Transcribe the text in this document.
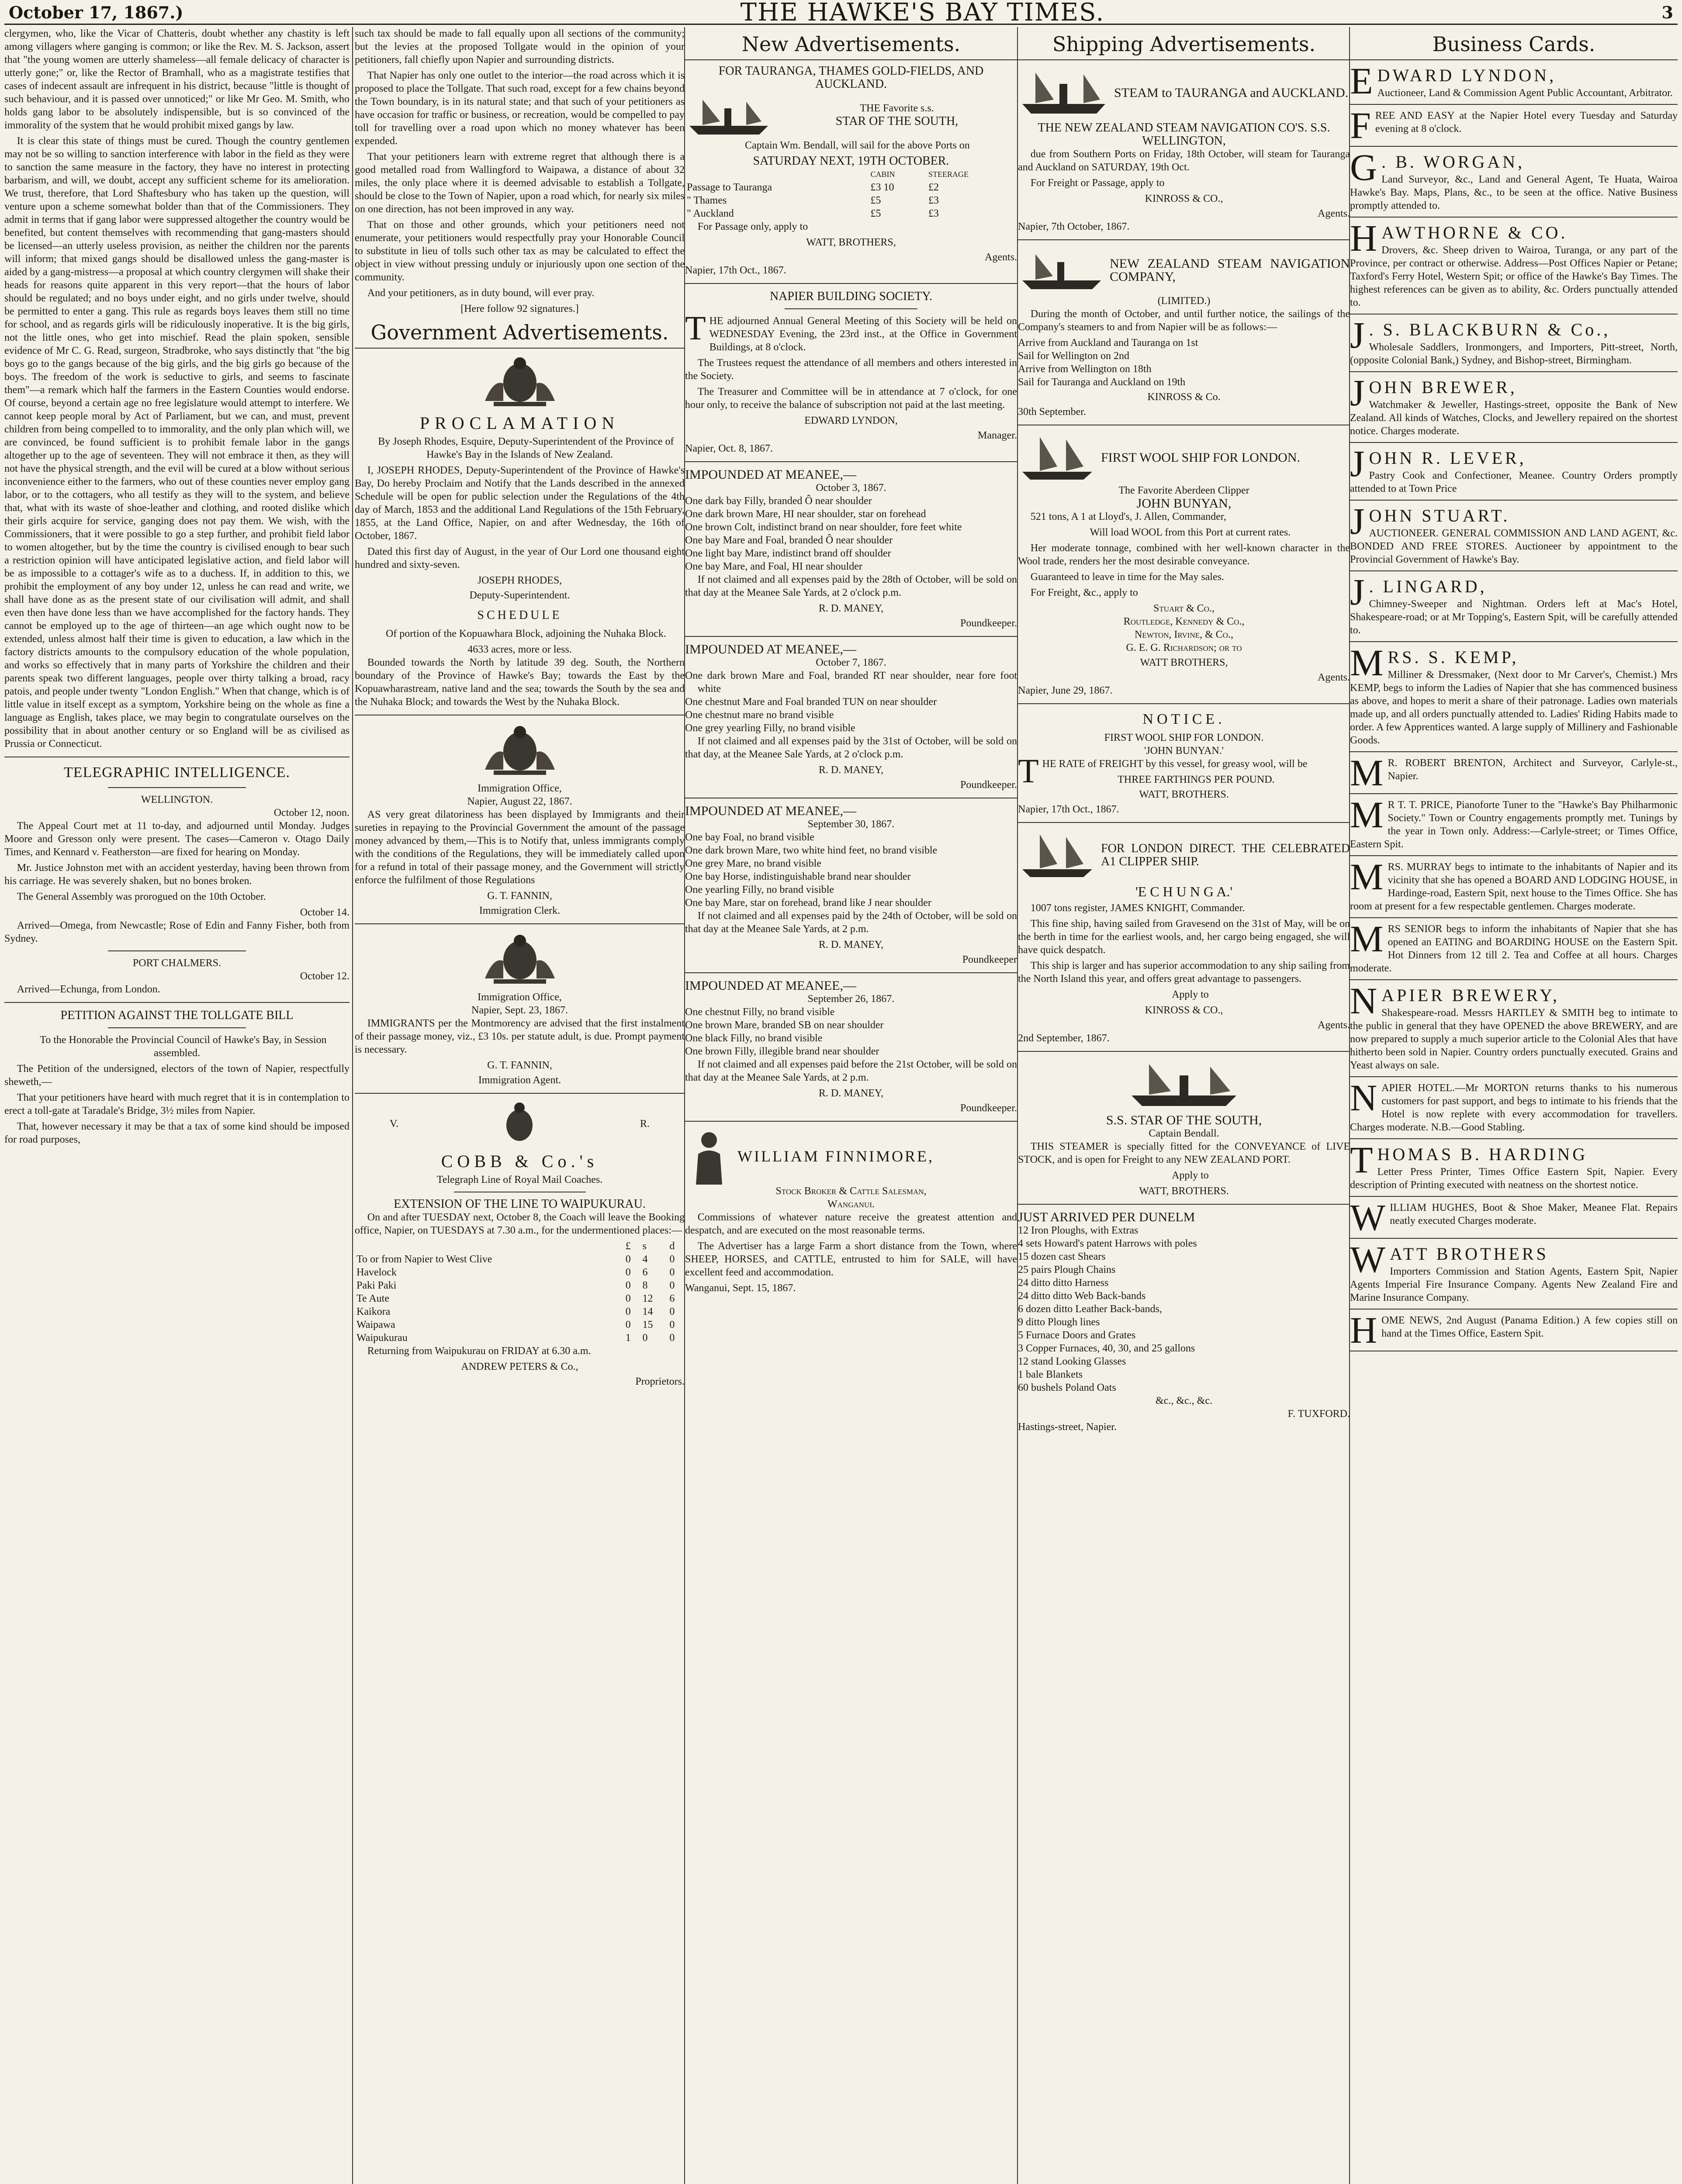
October 17, 1867.)	THE HAWKE'S BAY TIMES.	3

clergymen, who, like the Vicar of Chatteris, doubt whether any chastity is left among villagers where ganging is common; or like the Rev. M. S. Jackson, assert that "the young women are utterly shameless—all female delicacy of character is utterly gone;" or, like the Rector of Bramhall, who as a magistrate testifies that cases of indecent assault are infrequent in his district, because "little is thought of such behaviour, and it is passed over unnoticed;" or like Mr Geo. M. Smith, who holds gang labor to be absolutely indispensible, but is so convinced of the immorality of the system that he would prohibit mixed gangs by law.

It is clear this state of things must be cured. Though the country gentlemen may not be so willing to sanction interference with labor in the field as they were to sanction the same measure in the factory, they have no interest in protecting barbarism, and will, we doubt, accept any sufficient scheme for its amelioration. We trust, therefore, that Lord Shaftesbury who has taken up the question, will venture upon a scheme somewhat bolder than that of the Commissioners. They admit in terms that if gang labor were suppressed altogether the country would be benefited, but content themselves with recommending that gang-masters should be licensed—an utterly useless provision, as neither the children nor the parents will inform; that mixed gangs should be disallowed unless the gang-master is aided by a gang-mistress—a proposal at which country clergymen will shake their heads for reasons quite apparent in this very report—that the hours of labor should be regulated; and no boys under eight, and no girls under twelve, should be permitted to enter a gang. This rule as regards boys leaves them still no time for school, and as regards girls will be ridiculously inoperative. It is the big girls, not the little ones, who get into mischief. Read the plain spoken, sensible evidence of Mr C. G. Read, surgeon, Stradbroke, who says distinctly that "the big boys go to the gangs because of the big girls, and the big girls go because of the boys. The freedom of the work is seductive to girls, and seems to fascinate them"—a remark which half the farmers in the Eastern Counties would endorse. Of course, beyond a certain age no free legislature would attempt to interfere. We cannot keep people moral by Act of Parliament, but we can, and must, prevent children from being compelled to to immorality, and the only plan which will, we are convinced, be found sufficient is to prohibit female labor in the gangs altogether up to the age of seventeen. They will not embrace it then, as they will not have the physical strength, and the evil will be cured at a blow without serious inconvenience either to the farmers, who out of these counties never employ gang labor, or to the cottagers, who all testify as they will to the system, and believe that, what with its waste of shoe-leather and clothing, and rooted dislike which their girls acquire for service, ganging does not pay them. We wish, with the Commissioners, that it were possible to go a step further, and prohibit field labor to women altogether, but by the time the country is civilised enough to bear such a restriction opinion will have anticipated legislative action, and field labor will be as impossible to a cottager's wife as to a duchess. If, in addition to this, we prohibit the employment of any boy under 12, unless he can read and write, we shall have done as as the present state of our civilisation will admit, and shall even then have done less than we have accomplished for the factory hands. They cannot be employed up to the age of thirteen—an age which ought now to be extended, unless almost half their time is given to education, a law which in the factory districts amounts to the compulsory education of the whole population, and works so effectively that in many parts of Yorkshire the children and their parents speak two different languages, people over thirty talking a broad, racy patois, and people under twenty "London English." When that change, which is of little value in itself except as a symptom, Yorkshire being on the whole as fine a language as English, takes place, we may begin to congratulate ourselves on the possibility that in about another century or so England will be as civilised as Prussia or Connecticut.

TELEGRAPHIC INTELLIGENCE.
WELLINGTON.
October 12, noon.

The Appeal Court met at 11 to-day, and adjourned until Monday. Judges Moore and Gresson only were present. The cases—Cameron v. Otago Daily Times, and Kennard v. Featherston—are fixed for hearing on Monday.

Mr. Justice Johnston met with an accident yesterday, having been thrown from his carriage. He was severely shaken, but no bones broken.

The General Assembly was prorogued on the 10th October.

October 14.

Arrived—Omega, from Newcastle; Rose of Edin and Fanny Fisher, both from Sydney.

PORT CHALMERS.
October 12.

Arrived—Echunga, from London.

PETITION AGAINST THE TOLLGATE BILL

To the Honorable the Provincial Council of Hawke's Bay, in Session assembled.

The Petition of the undersigned, electors of the town of Napier, respectfully sheweth,—

That your petitioners have heard with much regret that it is in contemplation to erect a toll-gate at Taradale's Bridge, 3½ miles from Napier.

That, however necessary it may be that a tax of some kind should be imposed for road purposes,

such tax should be made to fall equally upon all sections of the community; but the levies at the proposed Tollgate would in the opinion of your petitioners, fall chiefly upon Napier and surrounding districts.

That Napier has only one outlet to the interior—the road across which it is proposed to place the Tollgate. That such road, except for a few chains beyond the Town boundary, is in its natural state; and that such of your petitioners as have occasion for traffic or business, or recreation, would be compelled to pay toll for travelling over a road upon which no money whatever has been expended.

That your petitioners learn with extreme regret that although there is a good metalled road from Wallingford to Waipawa, a distance of about 32 miles, the only place where it is deemed advisable to establish a Tollgate, should be close to the Town of Napier, upon a road which, for nearly six miles on one direction, has not been improved in any way.

That on those and other grounds, which your petitioners need not enumerate, your petitioners would respectfully pray your Honorable Council to substitute in lieu of tolls such other tax as may be calculated to effect the object in view without pressing unduly or injuriously upon one section of the community.

And your petitioners, as in duty bound, will ever pray.

[Here follow 92 signatures.]
Government Advertisements.
PROCLAMATION

By Joseph Rhodes, Esquire, Deputy-Superintendent of the Province of Hawke's Bay in the Islands of New Zealand.

I, JOSEPH RHODES, Deputy-Superintendent of the Province of Hawke's Bay, Do hereby Proclaim and Notify that the Lands described in the annexed Schedule will be open for public selection under the Regulations of the 4th day of March, 1853 and the additional Land Regulations of the 15th February, 1855, at the Land Office, Napier, on and after Wednesday, the 16th of October, 1867.

Dated this first day of August, in the year of Our Lord one thousand eight hundred and sixty-seven.

JOSEPH RHODES,
Deputy-Superintendent.
SCHEDULE

Of portion of the Kopuawhara Block, adjoining the Nuhaka Block.

4633 acres, more or less.

Bounded towards the North by latitude 39 deg. South, the Northern boundary of the Province of Hawke's Bay; towards the East by the Kopuawharastream, native land and the sea; towards the South by the sea and the Nuhaka Block; and towards the West by the Nuhaka Block.

Immigration Office,
Napier, August 22, 1867.

AS very great dilatoriness has been displayed by Immigrants and their sureties in repaying to the Provincial Government the amount of the passage money advanced by them,—This is to Notify that, unless immigrants comply with the conditions of the Regulations, they will be immediately called upon for a refund in total of their passage money, and the Government will strictly enforce the fulfilment of those Regulations

G. T. FANNIN,
Immigration Clerk.
Immigration Office,
Napier, Sept. 23, 1867.

IMMIGRANTS per the Montmorency are advised that the first instalment of their passage money, viz., £3 10s. per statute adult, is due. Prompt payment is necessary.

G. T. FANNIN,
Immigration Agent.
V.	R.
COBB & Co.'s
Telegraph Line of Royal Mail Coaches.
EXTENSION OF THE LINE TO WAIPUKURAU.

On and after TUESDAY next, October 8, the Coach will leave the Booking office, Napier, on TUESDAYS at 7.30 a.m., for the undermentioned places:—

	£	s	d
To or from Napier to West Clive	0	4	0
Havelock	0	6	0
Paki Paki	0	8	0
Te Aute	0	12	6
Kaikora	0	14	0
Waipawa	0	15	0
Waipukurau	1	0	0

Returning from Waipukurau on FRIDAY at 6.30 a.m.

ANDREW PETERS & Co.,
Proprietors.
New Advertisements.
FOR TAURANGA, THAMES GOLD-FIELDS, AND AUCKLAND.
THE Favorite s.s.
STAR OF THE SOUTH,

Captain Wm. Bendall, will sail for the above Ports on

SATURDAY NEXT, 19TH OCTOBER.
	CABIN	STEERAGE
Passage to Tauranga	£3 10	£2
" Thames	£5	£3
" Auckland	£5	£3

For Passage only, apply to

WATT, BROTHERS,
Agents.
Napier, 17th Oct., 1867.
NAPIER BUILDING SOCIETY.

THE adjourned Annual General Meeting of this Society will be held on WEDNESDAY Evening, the 23rd inst., at the Office in Government Buildings, at 8 o'clock.

The Trustees request the attendance of all members and others interested in the Society.

The Treasurer and Committee will be in attendance at 7 o'clock, for one hour only, to receive the balance of subscription not paid at the last meeting.

EDWARD LYNDON,
Manager.
Napier, Oct. 8, 1867.
IMPOUNDED AT MEANEE,—
October 3, 1867.
One dark bay Filly, branded Ô near shoulder
One dark brown Mare, HI near shoulder, star on forehead
One brown Colt, indistinct brand on near shoulder, fore feet white
One bay Mare and Foal, branded Ô near shoulder
One light bay Mare, indistinct brand off shoulder
One bay Mare, and Foal, HI near shoulder

If not claimed and all expenses paid by the 28th of October, will be sold on that day at the Meanee Sale Yards, at 2 o'clock p.m.

R. D. MANEY,
Poundkeeper.
IMPOUNDED AT MEANEE,—
October 7, 1867.
One dark brown Mare and Foal, branded RT near shoulder, near fore foot white
One chestnut Mare and Foal branded TUN on near shoulder
One chestnut mare no brand visible
One grey yearling Filly, no brand visible

If not claimed and all expenses paid by the 31st of October, will be sold on that day, at the Meanee Sale Yards, at 2 o'clock p.m.

R. D. MANEY,
Poundkeeper.
IMPOUNDED AT MEANEE,—
September 30, 1867.
One bay Foal, no brand visible
One dark brown Mare, two white hind feet, no brand visible
One grey Mare, no brand visible
One bay Horse, indistinguishable brand near shoulder
One yearling Filly, no brand visible
One bay Mare, star on forehead, brand like J near shoulder

If not claimed and all expenses paid by the 24th of October, will be sold on that day at the Meanee Sale Yards, at 2 p.m.

R. D. MANEY,
Poundkeeper
IMPOUNDED AT MEANEE,—
September 26, 1867.
One chestnut Filly, no brand visible
One brown Mare, branded SB on near shoulder
One black Filly, no brand visible
One brown Filly, illegible brand near shoulder

If not claimed and all expenses paid before the 21st October, will be sold on that day at the Meanee Sale Yards, at 2 p.m.

R. D. MANEY,
Poundkeeper.
WILLIAM FINNIMORE,
Stock Broker & Cattle Salesman,
Wanganui.

Commissions of whatever nature receive the greatest attention and despatch, and are executed on the most reasonable terms.

The Advertiser has a large Farm a short distance from the Town, where SHEEP, HORSES, and CATTLE, entrusted to him for SALE, will have excellent feed and accommodation.

Wanganui, Sept. 15, 1867.
Shipping Advertisements.
STEAM to TAURANGA and AUCKLAND.
THE NEW ZEALAND STEAM NAVIGATION CO'S. S.S.
WELLINGTON,

due from Southern Ports on Friday, 18th October, will steam for Tauranga and Auckland on SATURDAY, 19th Oct.

For Freight or Passage, apply to

KINROSS & CO.,
Agents.
Napier, 7th October, 1867.
NEW ZEALAND STEAM NAVIGATION COMPANY,
(LIMITED.)

During the month of October, and until further notice, the sailings of the Company's steamers to and from Napier will be as follows:—

Arrive from Auckland and Tauranga on 1st
Sail for Wellington on 2nd
Arrive from Wellington on 18th
Sail for Tauranga and Auckland on 19th
KINROSS & Co.
30th September.
FIRST WOOL SHIP FOR LONDON.
The Favorite Aberdeen Clipper
JOHN BUNYAN,

521 tons, A 1 at Lloyd's, J. Allen, Commander,

Will load WOOL from this Port at current rates.

Her moderate tonnage, combined with her well-known character in the Wool trade, renders her the most desirable conveyance.

Guaranteed to leave in time for the May sales.

For Freight, &c., apply to

Stuart & Co.,
Routledge, Kennedy & Co.,
Newton, Irvine, & Co.,
G. E. G. Richardson; or to
WATT BROTHERS,
Agents.
Napier, June 29, 1867.
NOTICE.
FIRST WOOL SHIP FOR LONDON.
'JOHN BUNYAN.'

THE RATE of FREIGHT by this vessel, for greasy wool, will be

THREE FARTHINGS PER POUND.
WATT, BROTHERS.
Napier, 17th Oct., 1867.
FOR LONDON DIRECT. THE CELEBRATED A1 CLIPPER SHIP.
'E C H U N G A.'

1007 tons register, JAMES KNIGHT, Commander.

This fine ship, having sailed from Gravesend on the 31st of May, will be on the berth in time for the earliest wools, and, her cargo being engaged, she will have quick despatch.

This ship is larger and has superior accommodation to any ship sailing from the North Island this year, and offers great advantage to passengers.

Apply to

KINROSS & CO.,
Agents.
2nd September, 1867.
S.S. STAR OF THE SOUTH,
Captain Bendall.

THIS STEAMER is specially fitted for the CONVEYANCE of LIVE STOCK, and is open for Freight to any NEW ZEALAND PORT.

Apply to

WATT, BROTHERS.
JUST ARRIVED PER DUNELM
12 Iron Ploughs, with Extras
4 sets Howard's patent Harrows with poles
15 dozen cast Shears
25 pairs Plough Chains
24 ditto ditto Harness
24 ditto ditto Web Back-bands
6 dozen ditto Leather Back-bands,
9 ditto Plough lines
5 Furnace Doors and Grates
3 Copper Furnaces, 40, 30, and 25 gallons
12 stand Looking Glasses
1 bale Blankets
60 bushels Poland Oats
&c., &c., &c.
F. TUXFORD.
Hastings-street, Napier.
Business Cards.
E DWARD LYNDON,
Auctioneer, Land & Commission Agent Public Accountant, Arbitrator.
FREE AND EASY at the Napier Hotel every Tuesday and Saturday evening at 8 o'clock.
G . B. WORGAN,
Land Surveyor, &c., Land and General Agent, Te Huata, Wairoa Hawke's Bay. Maps, Plans, &c., to be seen at the office. Native Business promptly attended to.
H AWTHORNE & CO.
Drovers, &c. Sheep driven to Wairoa, Turanga, or any part of the Province, per contract or otherwise. Address—Post Offices Napier or Petane; Taxford's Ferry Hotel, Western Spit; or office of the Hawke's Bay Times. The highest references can be given as to ability, &c. Orders punctually attended to.
J . S. BLACKBURN & Co.,
Wholesale Saddlers, Ironmongers, and Importers, Pitt-street, North, (opposite Colonial Bank,) Sydney, and Bishop-street, Birmingham.
J OHN BREWER,
Watchmaker & Jeweller, Hastings-street, opposite the Bank of New Zealand. All kinds of Watches, Clocks, and Jewellery repaired on the shortest notice. Charges moderate.
J OHN R. LEVER,
Pastry Cook and Confectioner, Meanee. Country Orders promptly attended to at Town Price
J OHN STUART.
AUCTIONEER. GENERAL COMMISSION AND LAND AGENT, &c. BONDED AND FREE STORES. Auctioneer by appointment to the Provincial Government of Hawke's Bay.
J . LINGARD,
Chimney-Sweeper and Nightman. Orders left at Mac's Hotel, Shakespeare-road; or at Mr Topping's, Eastern Spit, will be carefully attended to.
M RS. S. KEMP,
Milliner & Dressmaker, (Next door to Mr Carver's, Chemist.) Mrs KEMP, begs to inform the Ladies of Napier that she has commenced business as above, and hopes to merit a share of their patronage. Ladies own materials made up, and all orders punctually attended to. Ladies' Riding Habits made to order. A few Apprentices wanted. A large supply of Millinery and Fashionable Goods.
M R. ROBERT BRENTON, Architect and Surveyor, Carlyle-st., Napier.
M R T. T. PRICE, Pianoforte Tuner to the "Hawke's Bay Philharmonic Society." Town or Country engagements promptly met. Tunings by the year in Town only. Address:—Carlyle-street; or Times Office, Eastern Spit.
MRS. MURRAY begs to intimate to the inhabitants of Napier and its vicinity that she has opened a BOARD AND LODGING HOUSE, in Hardinge-road, Eastern Spit, next house to the Times Office. She has room at present for a few respectable gentlemen. Charges moderate.
MRS SENIOR begs to inform the inhabitants of Napier that she has opened an EATING and BOARDING HOUSE on the Eastern Spit. Hot Dinners from 12 till 2. Tea and Coffee at all hours. Charges moderate.
N APIER BREWERY,
Shakespeare-road. Messrs HARTLEY & SMITH beg to intimate to the public in general that they have OPENED the above BREWERY, and are now prepared to supply a much superior article to the Colonial Ales that have hitherto been sold in Napier. Country orders punctually executed. Grains and Yeast always on sale.
NAPIER HOTEL.—Mr MORTON returns thanks to his numerous customers for past support, and begs to intimate to his friends that the Hotel is now replete with every accommodation for travellers. Charges moderate. N.B.—Good Stabling.
T HOMAS B. HARDING
Letter Press Printer, Times Office Eastern Spit, Napier. Every description of Printing executed with neatness on the shortest notice.
WILLIAM HUGHES, Boot & Shoe Maker, Meanee Flat. Repairs neatly executed Charges moderate.
W ATT BROTHERS
Importers Commission and Station Agents, Eastern Spit, Napier Agents Imperial Fire Insurance Company. Agents New Zealand Fire and Marine Insurance Company.
HOME NEWS, 2nd August (Panama Edition.) A few copies still on hand at the Times Office, Eastern Spit.
